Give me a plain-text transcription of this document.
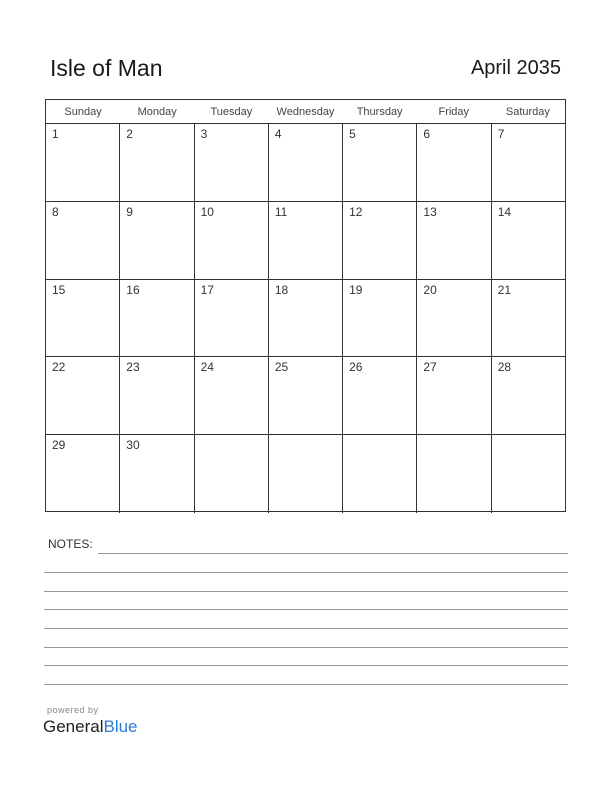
Isle of Man	April 2035
Sunday	Monday	Tuesday	Wednesday	Thursday	Friday	Saturday
1	2	3	4	5	6	7
8	9	10	11	12	13	14
15	16	17	18	19	20	21
22	23	24	25	26	27	28
29	30
NOTES:
powered by
GeneralBlue
